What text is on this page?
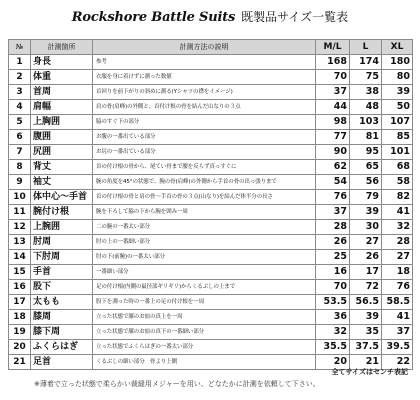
Rockshore Battle Suits 既製品サイズ一覧表
№	計測箇所	計測方法の説明	M/L	L	XL
1	身長	参考	168	174	180
2	体重	衣服を身に着けずに測った数値	70	75	80
3	首周	首回りを前下がりの斜めに測る(Yシャツの襟をイメージ)	37	38	39
4	肩幅	肩の骨(肩峰)の外側と、首付け根の骨を結んだ山なりの３点	44	48	50
5	上胸囲	脇のすぐ下の部分	98	103	107
6	腹囲	お腹の一番出ている部分	77	81	85
7	尻囲	お尻の一番出ている部分	90	95	101
8	背丈	首の付け根の骨から、尾てい骨まで腰を反らず真っすぐに	62	65	68
9	袖丈	腕の角度を45°の状態で、腕の骨(肩峰)の外側から手首の骨の出っ張りまで	54	56	58
10	体中心～手首	首の付け根の骨と肩の骨～手首の骨の３点(山なり)を結んだ体半分の長さ	76	79	82
11	腕付け根	腕を下ろして脇の下から腕を囲み一周	37	39	41
12	上腕囲	二の腕の一番太い部分	28	30	32
13	肘周	肘の上の一番細い部分	26	27	28
14	下肘周	肘の下(前腕)の一番太い部分	25	26	27
15	手首	一番細い部分	16	17	18
16	股下	足の付け根(内側の鼠径部ギリギリ)からくるぶしの上まで	70	72	76
17	太もも	股下を測った時の一番上の足の付け根を一周	53.5	56.5	58.5
18	膝周	立った状態で膝のお皿の真上を一周	36	39	41
19	膝下周	立った状態で膝のお皿の真下の一番細い部分	32	35	37
20	ふくらはぎ	立った状態でふくらはぎの一番太い部分	35.5	37.5	39.5
21	足首	くるぶしの細い部分　骨より上側	20	21	22
全てサイズはセンチ表記
※薄着で立った状態で柔らかい裁縫用メジャーを用い、どなたかに計測を依頼して下さい。
